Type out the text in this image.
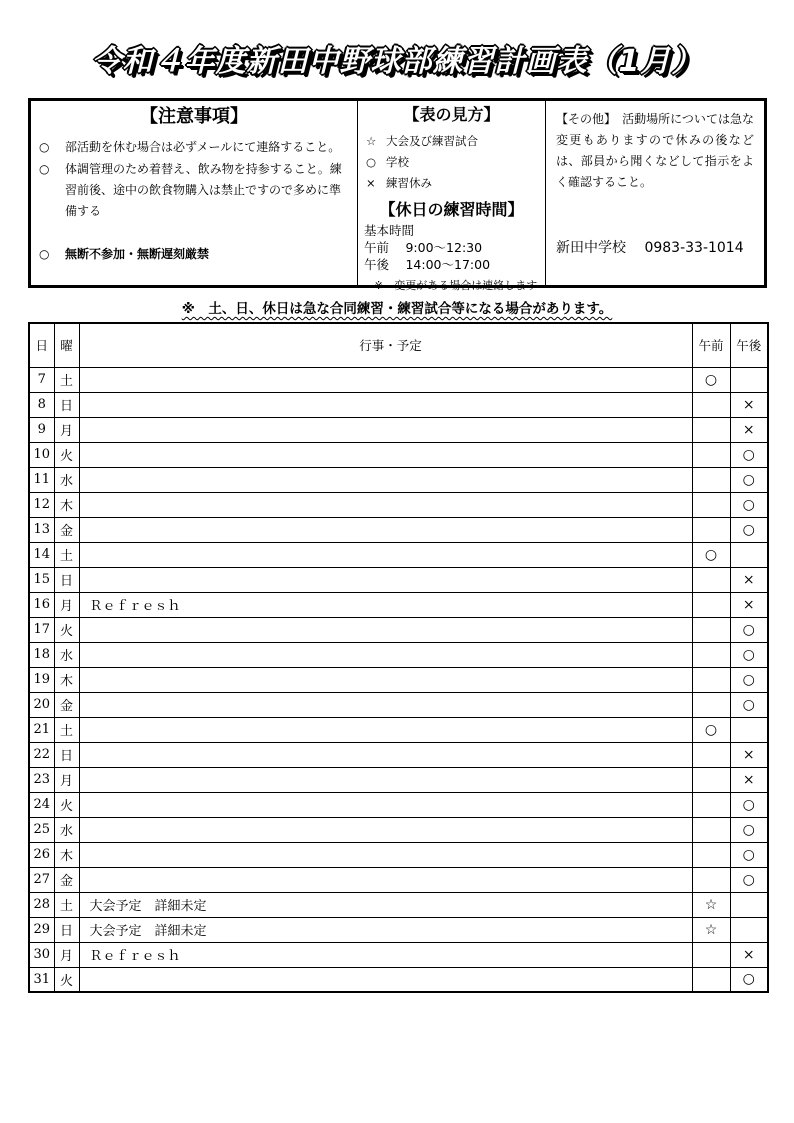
令和４年度新田中野球部練習計画表（1月）
【注意事項】
○	部活動を休む場合は必ずメールにて連絡すること。
○	体調管理のため着替え、飲み物を持参すること。練習前後、途中の飲食物購入は禁止ですので多めに準備する
○	無断不参加・無断遅刻厳禁
【表の見方】
☆ 大会及び練習試合
○ 学校
× 練習休み
【休日の練習時間】
基本時間
午前　 9:00～12:30
午後　 14:00～17:00
※　変更がある場合は連絡します
【その他】　活動場所については急な変更もありますので休みの後などは、部員から聞くなどして指示をよく確認すること。
新田中学校　 0983-33-1014
※　土、日、休日は急な合同練習・練習試合等になる場合があります。
日	曜	行事・予定	午前	午後
7	土		○	
8	日			×
9	月			×
10	火			○
11	水			○
12	木			○
13	金			○
14	土		○	
15	日			×
16	月	Ｒｅｆｒｅｓｈ		×
17	火			○
18	水			○
19	木			○
20	金			○
21	土		○	
22	日			×
23	月			×
24	火			○
25	水			○
26	木			○
27	金			○
28	土	大会予定　詳細未定	☆	
29	日	大会予定　詳細未定	☆	
30	月	Ｒｅｆｒｅｓｈ		×
31	火			○
